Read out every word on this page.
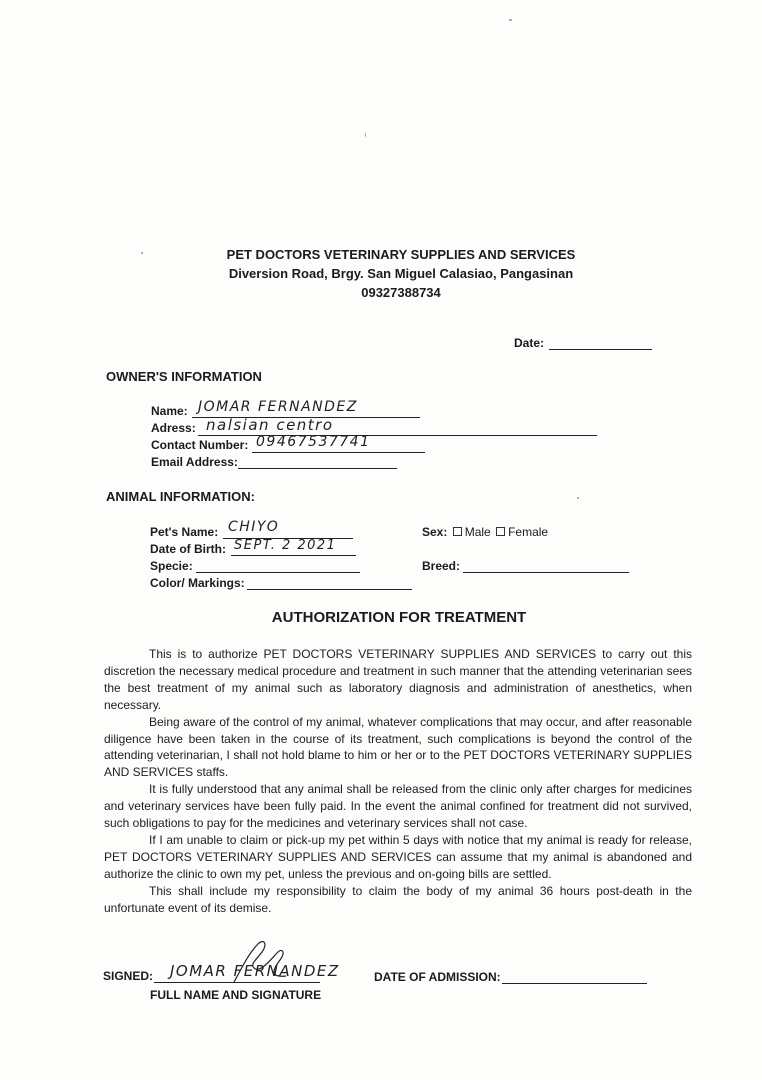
PET DOCTORS VETERINARY SUPPLIES AND SERVICES
Diversion Road, Brgy. San Miguel Calasiao, Pangasinan
09327388734
Date:
OWNER'S INFORMATION
Name: JOMAR FERNANDEZ
Adress: nalsian centro
Contact Number: 09467537741
Email Address:
ANIMAL INFORMATION:
Pet's Name: CHIYO
Date of Birth: SEPT. 2 2021
Specie:
Color/ Markings:
Sex: Male Female
Breed:
AUTHORIZATION FOR TREATMENT

This is to authorize PET DOCTORS VETERINARY SUPPLIES AND SERVICES to carry out this discretion the necessary medical procedure and treatment in such manner that the attending veterinarian sees the best treatment of my animal such as laboratory diagnosis and administration of anesthetics, when necessary.

Being aware of the control of my animal, whatever complications that may occur, and after reasonable diligence have been taken in the course of its treatment, such complications is beyond the control of the attending veterinarian, I shall not hold blame to him or her or to the PET DOCTORS VETERINARY SUPPLIES AND SERVICES staffs.

It is fully understood that any animal shall be released from the clinic only after charges for medicines and veterinary services have been fully paid. In the event the animal confined for treatment did not survived, such obligations to pay for the medicines and veterinary services shall not case.

If I am unable to claim or pick-up my pet within 5 days with notice that my animal is ready for release, PET DOCTORS VETERINARY SUPPLIES AND SERVICES can assume that my animal is abandoned and authorize the clinic to own my pet, unless the previous and on-going bills are settled.

This shall include my responsibility to claim the body of my animal 36 hours post-death in the unfortunate event of its demise.

SIGNED: JOMAR FERNANDEZ
FULL NAME AND SIGNATURE
DATE OF ADMISSION:
